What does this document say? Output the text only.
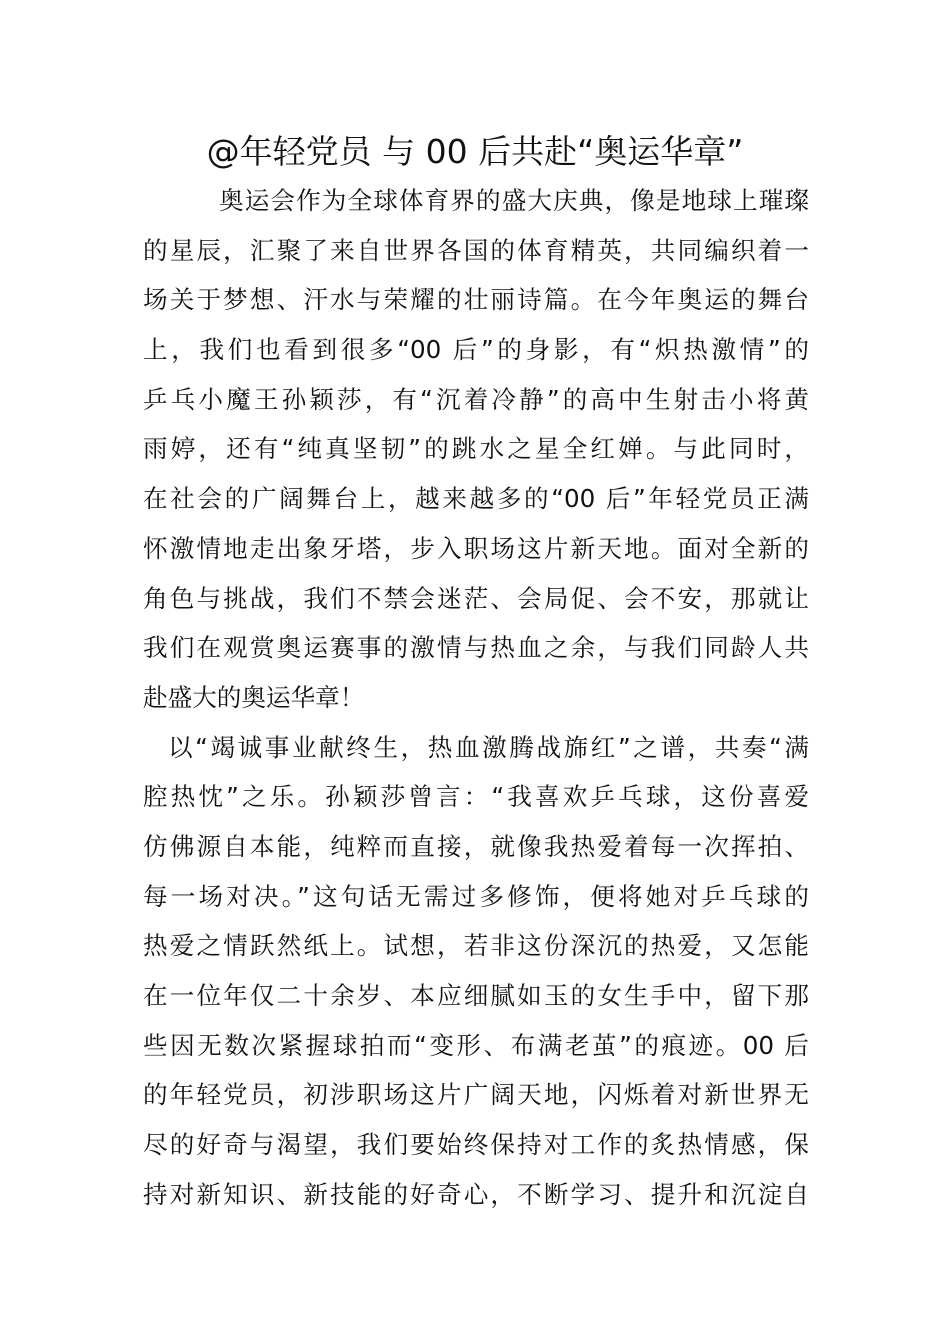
@年轻党员 与 00 后共赴“奥运华章”
奥运会作为全球体育界的盛大庆典，像是地球上璀璨
的星辰，汇聚了来自世界各国的体育精英，共同编织着一
场关于梦想、汗水与荣耀的壮丽诗篇。在今年奥运的舞台
上，我们也看到很多“00 后”的身影，有“炽热激情”的
乒乓小魔王孙颖莎，有“沉着冷静”的高中生射击小将黄
雨婷，还有“纯真坚韧”的跳水之星全红婵。与此同时，
在社会的广阔舞台上，越来越多的“00 后”年轻党员正满
怀激情地走出象牙塔，步入职场这片新天地。面对全新的
角色与挑战，我们不禁会迷茫、会局促、会不安，那就让
我们在观赏奥运赛事的激情与热血之余，与我们同龄人共
赴盛大的奥运华章！
以“竭诚事业献终生，热血激腾战旆红”之谱，共奏“满
腔热忱”之乐。孙颖莎曾言：“我喜欢乒乓球，这份喜爱
仿佛源自本能，纯粹而直接，就像我热爱着每一次挥拍、
每一场对决。”这句话无需过多修饰，便将她对乒乓球的
热爱之情跃然纸上。试想，若非这份深沉的热爱，又怎能
在一位年仅二十余岁、本应细腻如玉的女生手中，留下那
些因无数次紧握球拍而“变形、布满老茧”的痕迹。00 后
的年轻党员，初涉职场这片广阔天地，闪烁着对新世界无
尽的好奇与渴望，我们要始终保持对工作的炙热情感，保
持对新知识、新技能的好奇心，不断学习、提升和沉淀自
